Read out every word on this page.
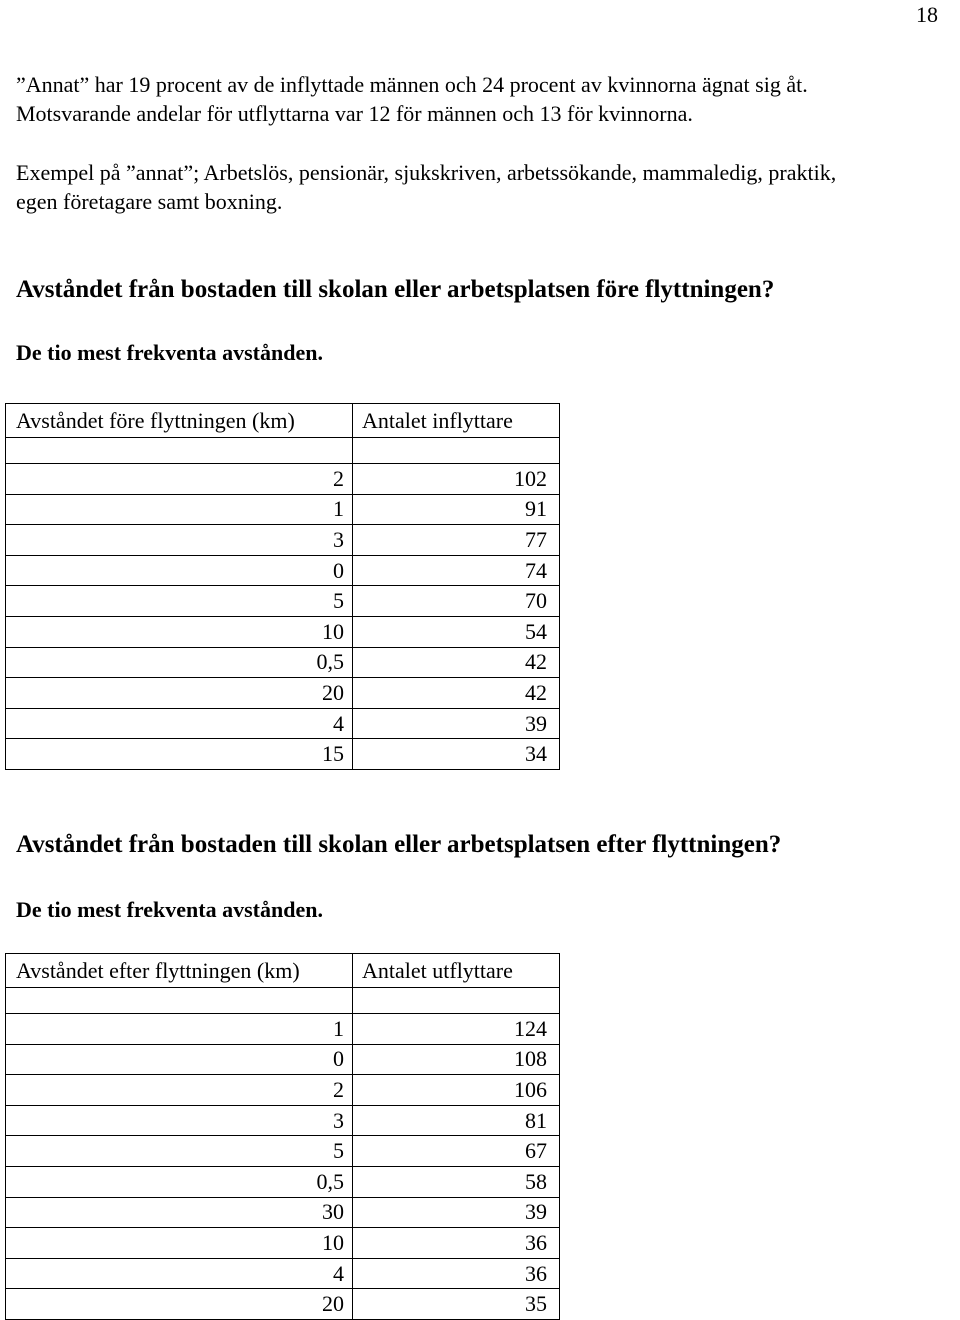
18
”Annat” har 19 procent av de inflyttade männen och 24 procent av kvinnorna ägnat sig åt.
Motsvarande andelar för utflyttarna var 12 för männen och 13 för kvinnorna.
Exempel på ”annat”; Arbetslös, pensionär, sjukskriven, arbetssökande, mammaledig, praktik,
egen företagare samt boxning.
Avståndet från bostaden till skolan eller arbetsplatsen före flyttningen?
De tio mest frekventa avstånden.
Avståndet före flyttningen (km)	Antalet inflyttare

2	102
1	91
3	77
0	74
5	70
10	54
0,5	42
20	42
4	39
15	34
Avståndet från bostaden till skolan eller arbetsplatsen efter flyttningen?
De tio mest frekventa avstånden.
Avståndet efter flyttningen (km)	Antalet utflyttare

1	124
0	108
2	106
3	81
5	67
0,5	58
30	39
10	36
4	36
20	35
